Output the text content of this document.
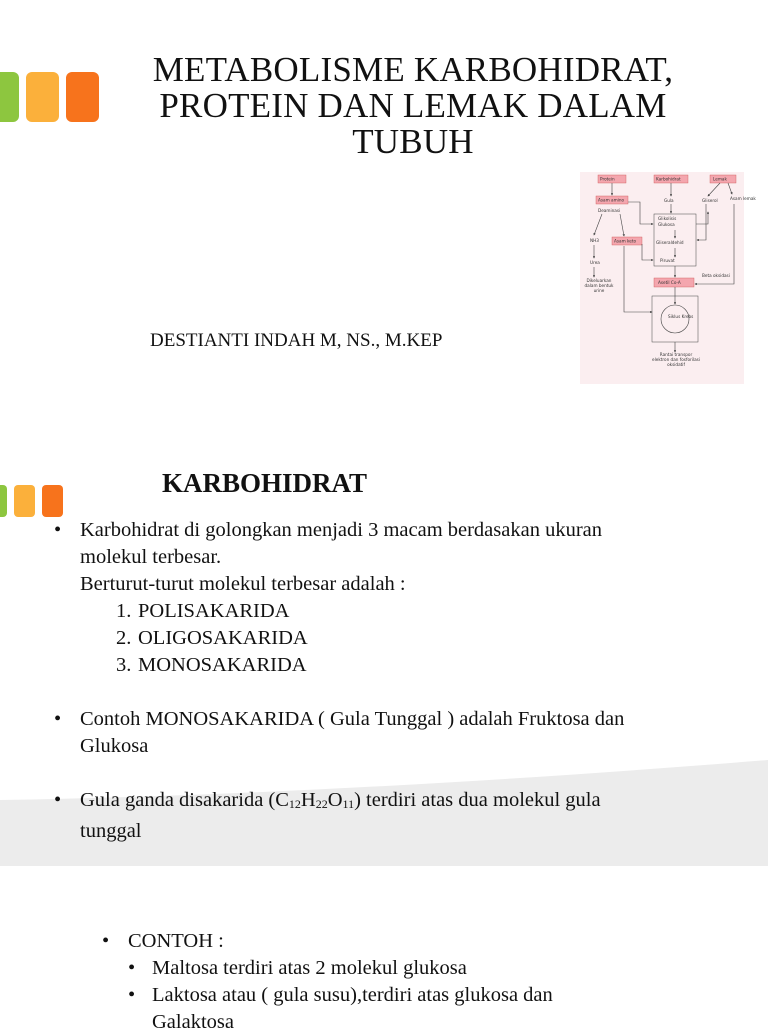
METABOLISME KARBOHIDRAT,
PROTEIN DAN LEMAK DALAM
TUBUH
DESTIANTI INDAH M, NS., M.KEP
Protein	Karbohidrat	Lemak
Asam amino	Gula	Gliserol	Asam lemak
Deaminasi
Glikolisis
Glukosa
Gliseraldehid
Piruvat
NH3	Asam keto
Urea
Beta oksidasi
Dikeluarkan dalam bentuk urine
Asetil Co-A
Siklus Krebs
Rantai transpor elektron dan fosforilasi oksidatif
KARBOHIDRAT
• Karbohidrat di golongkan menjadi 3 macam berdasakan ukuran
molekul terbesar.
Berturut-turut molekul terbesar adalah :
1. POLISAKARIDA
2. OLIGOSAKARIDA
3. MONOSAKARIDA
• Contoh MONOSAKARIDA ( Gula Tunggal ) adalah Fruktosa dan
Glukosa
• Gula ganda disakarida $(C_{12}H_{22}O_{11})$ terdiri atas dua molekul gula
tunggal
• CONTOH :
• Maltosa terdiri atas 2 molekul glukosa
• Laktosa atau ( gula susu),terdiri atas glukosa dan
Galaktosa
